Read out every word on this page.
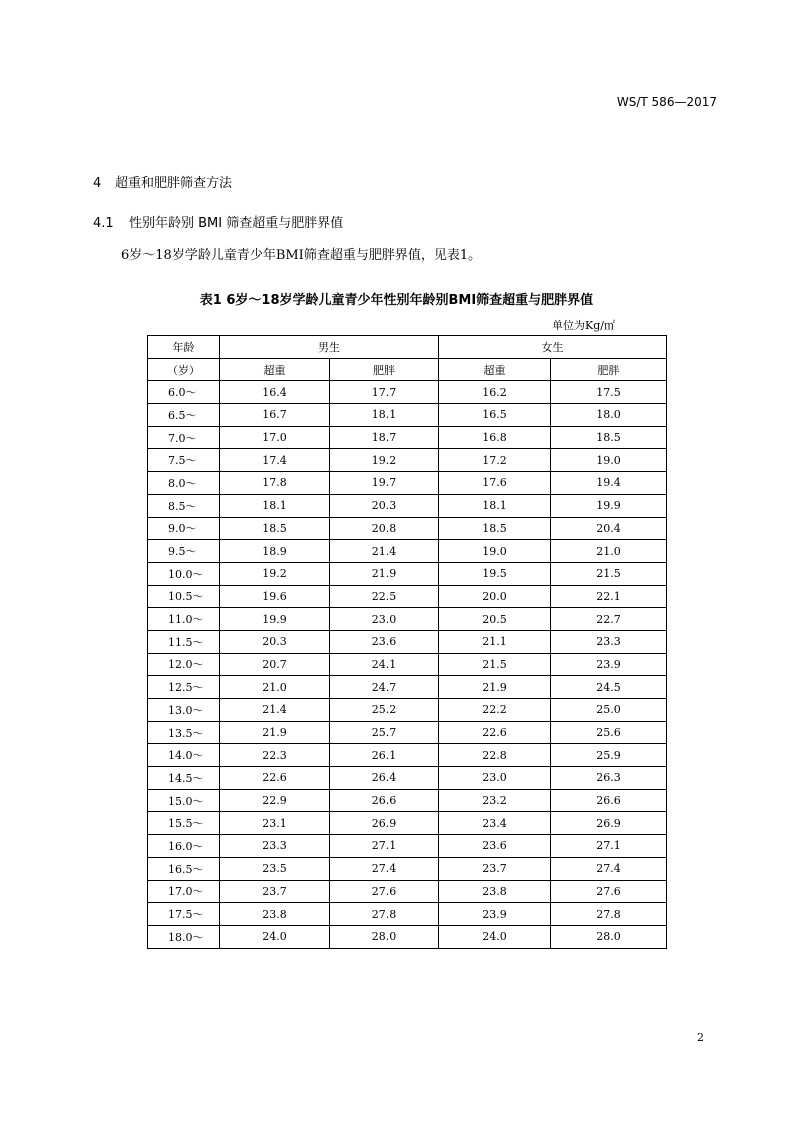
WS/T 586—2017
4 超重和肥胖筛查方法
4.1 性别年龄别 BMI 筛查超重与肥胖界值
6岁～18岁学龄儿童青少年BMI筛查超重与肥胖界值，见表1。
表1 6岁～18岁学龄儿童青少年性别年龄别BMI筛查超重与肥胖界值
单位为Kg/㎡
年龄	男生		女生	
（岁）	超重	肥胖	超重	肥胖
6.0～	16.4	17.7	16.2	17.5
6.5～	16.7	18.1	16.5	18.0
7.0～	17.0	18.7	16.8	18.5
7.5～	17.4	19.2	17.2	19.0
8.0～	17.8	19.7	17.6	19.4
8.5～	18.1	20.3	18.1	19.9
9.0～	18.5	20.8	18.5	20.4
9.5～	18.9	21.4	19.0	21.0
10.0～	19.2	21.9	19.5	21.5
10.5～	19.6	22.5	20.0	22.1
11.0～	19.9	23.0	20.5	22.7
11.5～	20.3	23.6	21.1	23.3
12.0～	20.7	24.1	21.5	23.9
12.5～	21.0	24.7	21.9	24.5
13.0～	21.4	25.2	22.2	25.0
13.5～	21.9	25.7	22.6	25.6
14.0～	22.3	26.1	22.8	25.9
14.5～	22.6	26.4	23.0	26.3
15.0～	22.9	26.6	23.2	26.6
15.5～	23.1	26.9	23.4	26.9
16.0～	23.3	27.1	23.6	27.1
16.5～	23.5	27.4	23.7	27.4
17.0～	23.7	27.6	23.8	27.6
17.5～	23.8	27.8	23.9	27.8
18.0～	24.0	28.0	24.0	28.0
2
